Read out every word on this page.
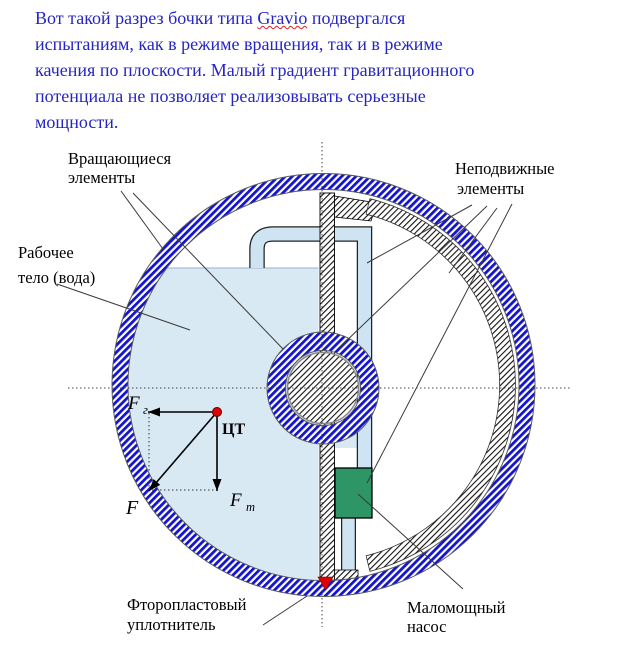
Вот такой разрез бочки типа Gravio подвергался
испытаниям, как в режиме вращения, так и в режиме
качения по плоскости. Малый градиент гравитационного
потенциала не позволяет реализовывать серьезные
мощности.
Вращающиеся
элементы	Неподвижные
элементы
Рабочее
тело (вода)
Фторопластовый
уплотнитель
Маломощный
насос
ЦТ
F г
F т
F
